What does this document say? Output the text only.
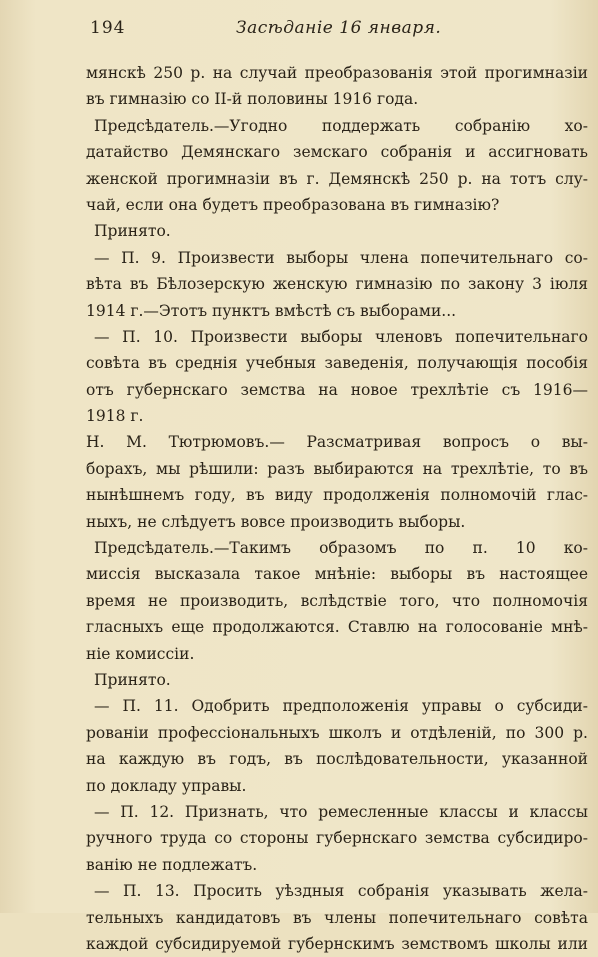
194	Засѣданіе 16 января.
мянскѣ 250 р. на случай преобразованія этой прогимназіи
въ гимназію со II-й половины 1916 года.
Предсѣдатель.—Угодно поддержать собранію хо-
датайство Демянскаго земскаго собранія и ассигновать
женской прогимназіи въ г. Демянскѣ 250 р. на тотъ слу-
чай, если она будетъ преобразована въ гимназію?
Принято.
— П. 9. Произвести выборы члена попечительнаго со-
вѣта въ Бѣлозерскую женскую гимназію по закону 3 іюля
1914 г.—Этотъ пунктъ вмѣстѣ съ выборами...
— П. 10. Произвести выборы членовъ попечительнаго
совѣта въ среднія учебныя заведенія, получающія пособія
отъ губернскаго земства на новое трехлѣтіе съ 1916—
1918 г.
Н. М. Тютрюмовъ.— Разсматривая вопросъ о вы-
борахъ, мы рѣшили: разъ выбираются на трехлѣтіе, то въ
нынѣшнемъ году, въ виду продолженія полномочій глас-
ныхъ, не слѣдуетъ вовсе производить выборы.
Предсѣдатель.—Такимъ образомъ по п. 10 ко-
миссія высказала такое мнѣніе: выборы въ настоящее
время не производить, вслѣдствіе того, что полномочія
гласныхъ еще продолжаются. Ставлю на голосованіе мнѣ-
ніе комиссіи.
Принято.
— П. 11. Одобрить предположенія управы о субсиди-
рованіи профессіональныхъ школъ и отдѣленій, по 300 р.
на каждую въ годъ, въ послѣдовательности, указанной
по докладу управы.
— П. 12. Признать, что ремесленные классы и классы
ручного труда со стороны губернскаго земства субсидиро-
ванію не подлежатъ.
— П. 13. Просить уѣздныя собранія указывать жела-
тельныхъ кандидатовъ въ члены попечительнаго совѣта
каждой субсидируемой губернскимъ земствомъ школы или
